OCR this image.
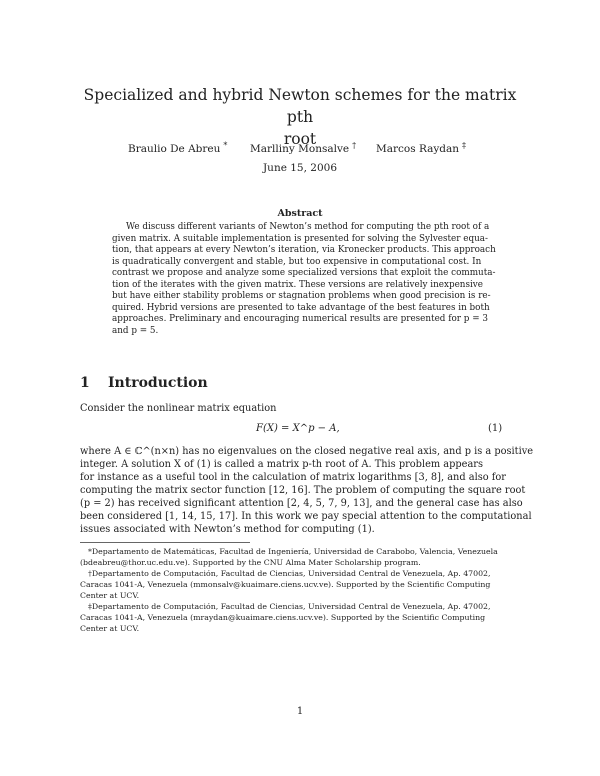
Specialized and hybrid Newton schemes for the matrix pth
root
Braulio De Abreu * Marlliny Monsalve † Marcos Raydan ‡
June 15, 2006
Abstract
We discuss different variants of Newton’s method for computing the pth root of a
given matrix. A suitable implementation is presented for solving the Sylvester equa-
tion, that appears at every Newton’s iteration, via Kronecker products. This approach
is quadratically convergent and stable, but too expensive in computational cost. In
contrast we propose and analyze some specialized versions that exploit the commuta-
tion of the iterates with the given matrix. These versions are relatively inexpensive
but have either stability problems or stagnation problems when good precision is re-
quired. Hybrid versions are presented to take advantage of the best features in both
approaches. Preliminary and encouraging numerical results are presented for p = 3
and p = 5.
1 Introduction
Consider the nonlinear matrix equation
F(X) = X^p − A,	(1)
where A ∈ ℂ^(n×n) has no eigenvalues on the closed negative real axis, and p is a positive
integer. A solution X of (1) is called a matrix p-th root of A. This problem appears
for instance as a useful tool in the calculation of matrix logarithms [3, 8], and also for
computing the matrix sector function [12, 16]. The problem of computing the square root
(p = 2) has received significant attention [2, 4, 5, 7, 9, 13], and the general case has also
been considered [1, 14, 15, 17]. In this work we pay special attention to the computational
issues associated with Newton’s method for computing (1).
*Departamento de Matemáticas, Facultad de Ingeniería, Universidad de Carabobo, Valencia, Venezuela
(bdeabreu@thor.uc.edu.ve). Supported by the CNU Alma Mater Scholarship program.
†Departamento de Computación, Facultad de Ciencias, Universidad Central de Venezuela, Ap. 47002,
Caracas 1041-A, Venezuela (mmonsalv@kuaimare.ciens.ucv.ve). Supported by the Scientific Computing
Center at UCV.
‡Departamento de Computación, Facultad de Ciencias, Universidad Central de Venezuela, Ap. 47002,
Caracas 1041-A, Venezuela (mraydan@kuaimare.ciens.ucv.ve). Supported by the Scientific Computing
Center at UCV.
1
